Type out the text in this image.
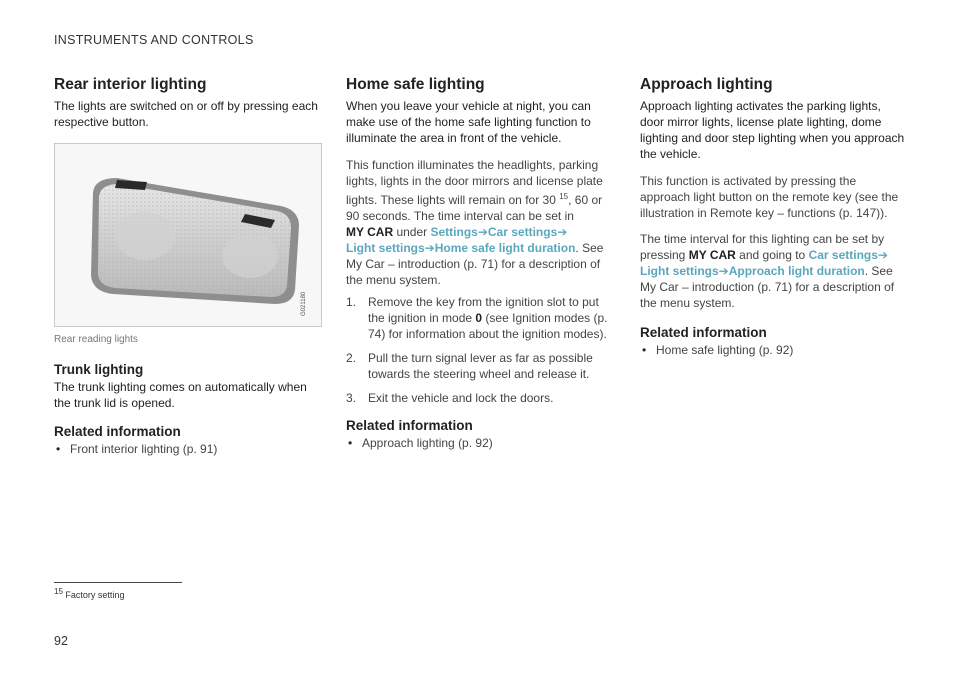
INSTRUMENTS AND CONTROLS
Rear interior lighting

The lights are switched on or off by pressing each respective button.

G021180
Rear reading lights
Trunk lighting

The trunk lighting comes on automatically when the trunk lid is opened.

Related information
• Front interior lighting (p. 91)
Home safe lighting

When you leave your vehicle at night, you can make use of the home safe lighting function to illuminate the area in front of the vehicle.

This function illuminates the headlights, parking lights, lights in the door mirrors and license plate lights. These lights will remain on for 30 $^{15}$, 60 or 90 seconds. The time interval can be set in
MY CAR under Settings➔Car settings➔
Light settings➔Home safe light duration. See My Car – introduction (p. 71) for a description of the menu system.

1. Remove the key from the ignition slot to put the ignition in mode 0 (see Ignition modes (p. 74) for information about the ignition modes).
2. Pull the turn signal lever as far as possible towards the steering wheel and release it.
3. Exit the vehicle and lock the doors.
Related information
• Approach lighting (p. 92)
Approach lighting

Approach lighting activates the parking lights, door mirror lights, license plate lighting, dome lighting and door step lighting when you approach the vehicle.

This function is activated by pressing the approach light button on the remote key (see the illustration in Remote key – functions (p. 147)).

The time interval for this lighting can be set by pressing MY CAR and going to Car settings➔
Light settings➔Approach light duration. See My Car – introduction (p. 71) for a description of the menu system.

Related information
• Home safe lighting (p. 92)
$^{15}$ Factory setting
92
